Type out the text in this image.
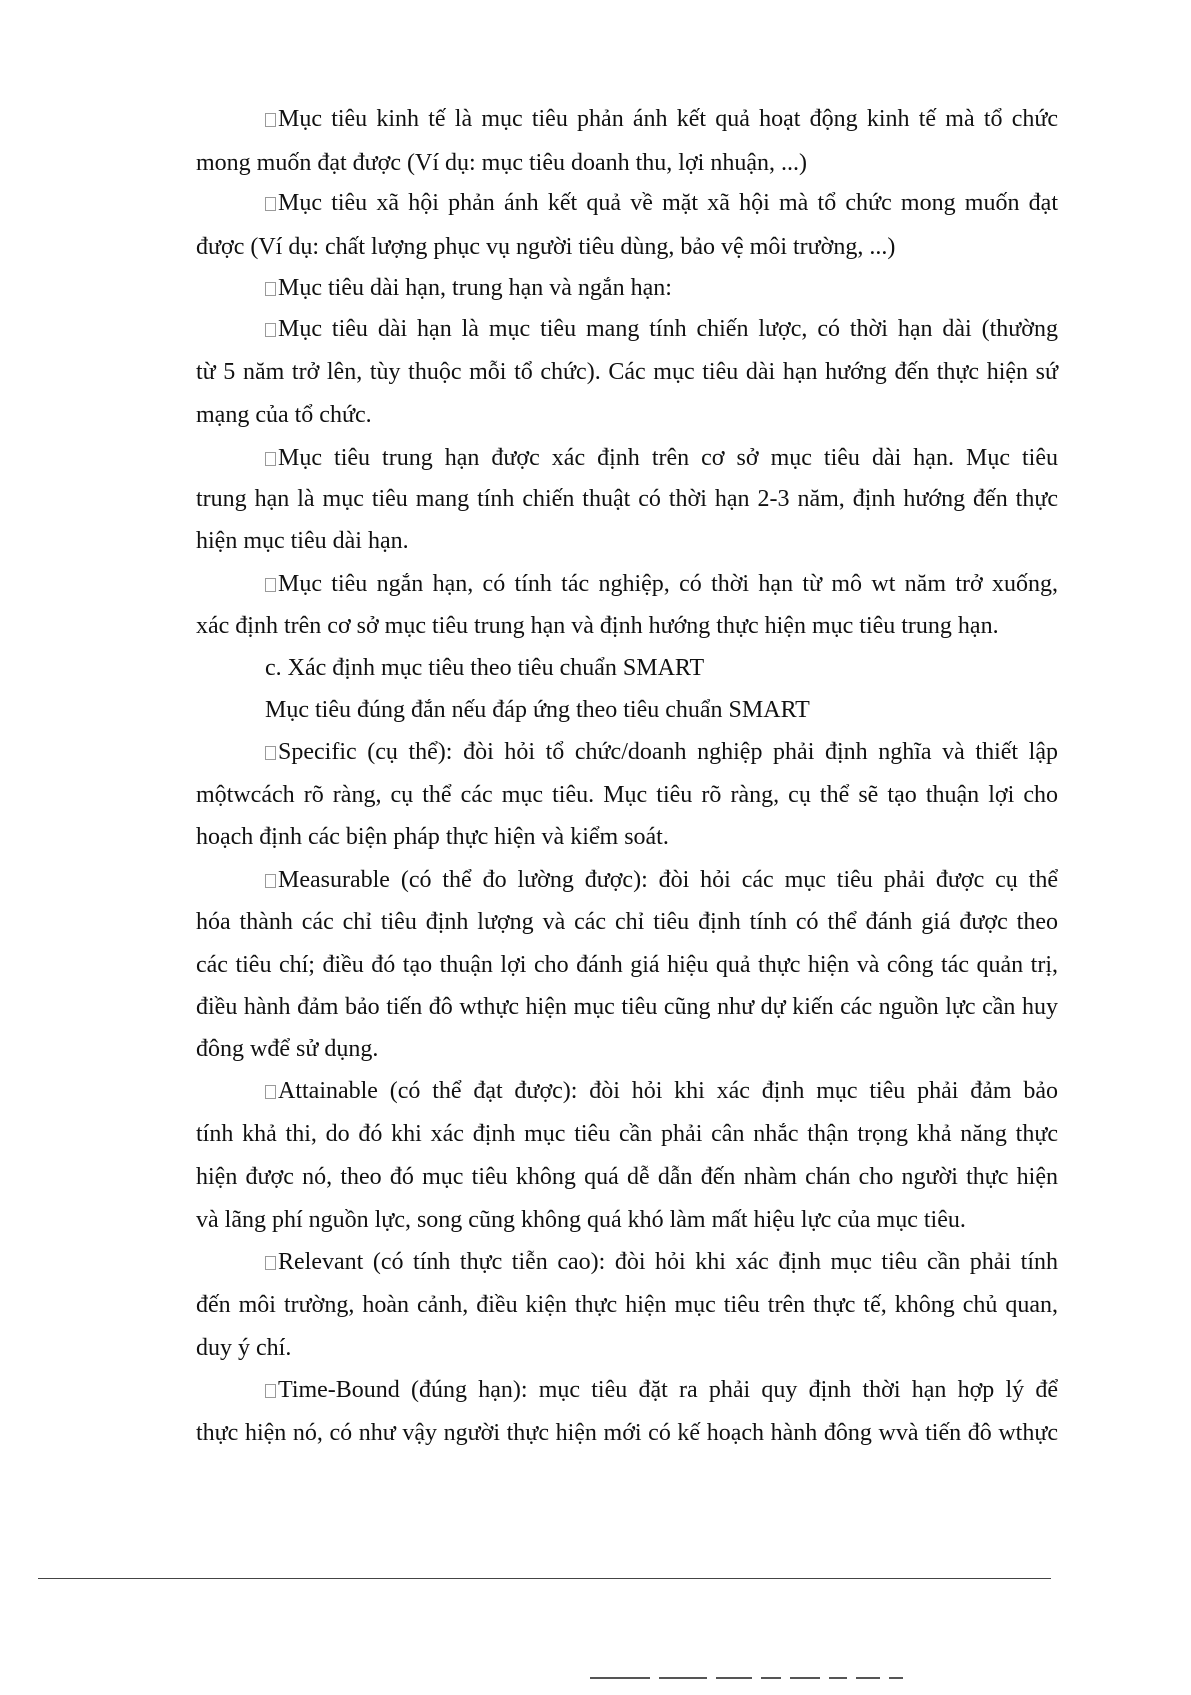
Mục tiêu kinh tế là mục tiêu phản ánh kết quả hoạt động kinh tế mà tổ chức
mong muốn đạt được (Ví dụ: mục tiêu doanh thu, lợi nhuận, ...)
Mục tiêu xã hội phản ánh kết quả về mặt xã hội mà tổ chức mong muốn đạt
được (Ví dụ: chất lượng phục vụ người tiêu dùng, bảo vệ môi trường, ...)
Mục tiêu dài hạn, trung hạn và ngắn hạn:
Mục tiêu dài hạn là mục tiêu mang tính chiến lược, có thời hạn dài (thường
từ 5 năm trở lên, tùy thuộc mỗi tổ chức). Các mục tiêu dài hạn hướng đến thực hiện sứ
mạng của tổ chức.
Mục tiêu trung hạn được xác định trên cơ sở mục tiêu dài hạn. Mục tiêu
trung hạn là mục tiêu mang tính chiến thuật có thời hạn 2-3 năm, định hướng đến thực
hiện mục tiêu dài hạn.
Mục tiêu ngắn hạn, có tính tác nghiệp, có thời hạn từ mô wt năm trở xuống,
xác định trên cơ sở mục tiêu trung hạn và định hướng thực hiện mục tiêu trung hạn.
c. Xác định mục tiêu theo tiêu chuẩn SMART
Mục tiêu đúng đắn nếu đáp ứng theo tiêu chuẩn SMART
Specific (cụ thể): đòi hỏi tổ chức/doanh nghiệp phải định nghĩa và thiết lập
mộtwcách rõ ràng, cụ thể các mục tiêu. Mục tiêu rõ ràng, cụ thể sẽ tạo thuận lợi cho
hoạch định các biện pháp thực hiện và kiểm soát.
Measurable (có thể đo lường được): đòi hỏi các mục tiêu phải được cụ thể
hóa thành các chỉ tiêu định lượng và các chỉ tiêu định tính có thể đánh giá được theo
các tiêu chí; điều đó tạo thuận lợi cho đánh giá hiệu quả thực hiện và công tác quản trị,
điều hành đảm bảo tiến đô wthực hiện mục tiêu cũng như dự kiến các nguồn lực cần huy
đông wđể sử dụng.
Attainable (có thể đạt được): đòi hỏi khi xác định mục tiêu phải đảm bảo
tính khả thi, do đó khi xác định mục tiêu cần phải cân nhắc thận trọng khả năng thực
hiện được nó, theo đó mục tiêu không quá dễ dẫn đến nhàm chán cho người thực hiện
và lãng phí nguồn lực, song cũng không quá khó làm mất hiệu lực của mục tiêu.
Relevant (có tính thực tiễn cao): đòi hỏi khi xác định mục tiêu cần phải tính
đến môi trường, hoàn cảnh, điều kiện thực hiện mục tiêu trên thực tế, không chủ quan,
duy ý chí.
Time-Bound (đúng hạn): mục tiêu đặt ra phải quy định thời hạn hợp lý để
thực hiện nó, có như vậy người thực hiện mới có kế hoạch hành đông wvà tiến đô wthực
